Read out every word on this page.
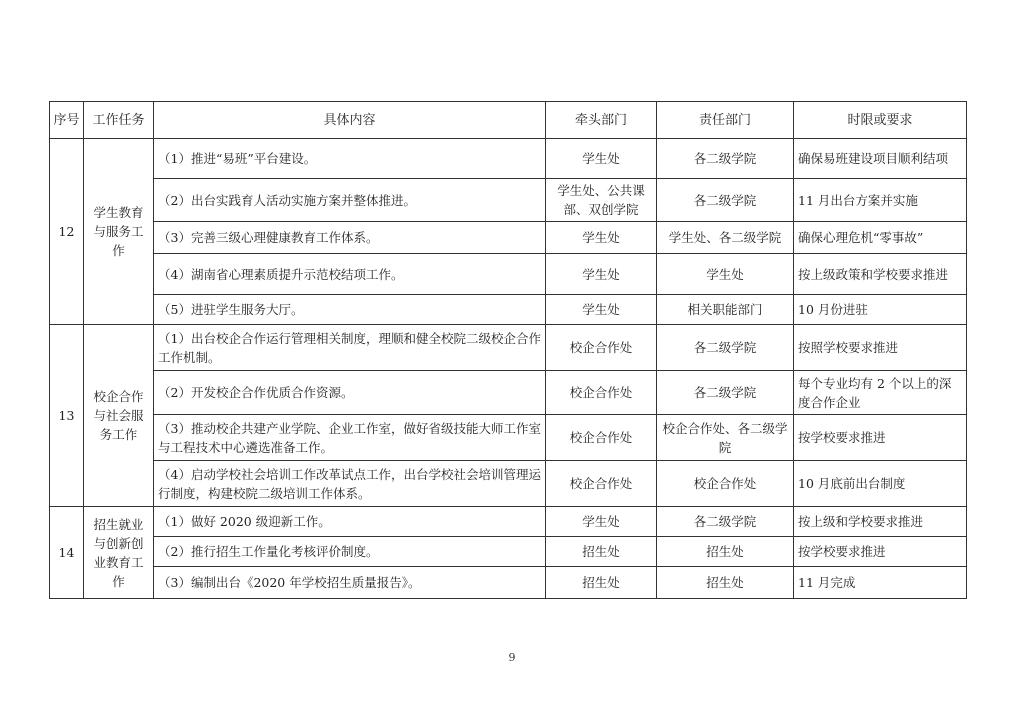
序号	工作任务	具体内容	牵头部门	责任部门	时限或要求
12	学生教育与服务工作	（1）推进“易班”平台建设。	学生处	各二级学院	确保易班建设项目顺利结项
		（2）出台实践育人活动实施方案并整体推进。	学生处、公共课部、双创学院	各二级学院	11 月出台方案并实施
		（3）完善三级心理健康教育工作体系。	学生处	学生处、各二级学院	确保心理危机“零事故”
		（4）湖南省心理素质提升示范校结项工作。	学生处	学生处	按上级政策和学校要求推进
		（5）进驻学生服务大厅。	学生处	相关职能部门	10 月份进驻
13	校企合作与社会服务工作	（1）出台校企合作运行管理相关制度，理顺和健全校院二级校企合作工作机制。	校企合作处	各二级学院	按照学校要求推进
		（2）开发校企合作优质合作资源。	校企合作处	各二级学院	每个专业均有 2 个以上的深度合作企业
		（3）推动校企共建产业学院、企业工作室，做好省级技能大师工作室与工程技术中心遴选准备工作。	校企合作处	校企合作处、各二级学院	按学校要求推进
		（4）启动学校社会培训工作改革试点工作，出台学校社会培训管理运行制度，构建校院二级培训工作体系。	校企合作处	校企合作处	10 月底前出台制度
14	招生就业与创新创业教育工作	（1）做好 2020 级迎新工作。	学生处	各二级学院	按上级和学校要求推进
		（2）推行招生工作量化考核评价制度。	招生处	招生处	按学校要求推进
		（3）编制出台《2020 年学校招生质量报告》。	招生处	招生处	11 月完成
9
